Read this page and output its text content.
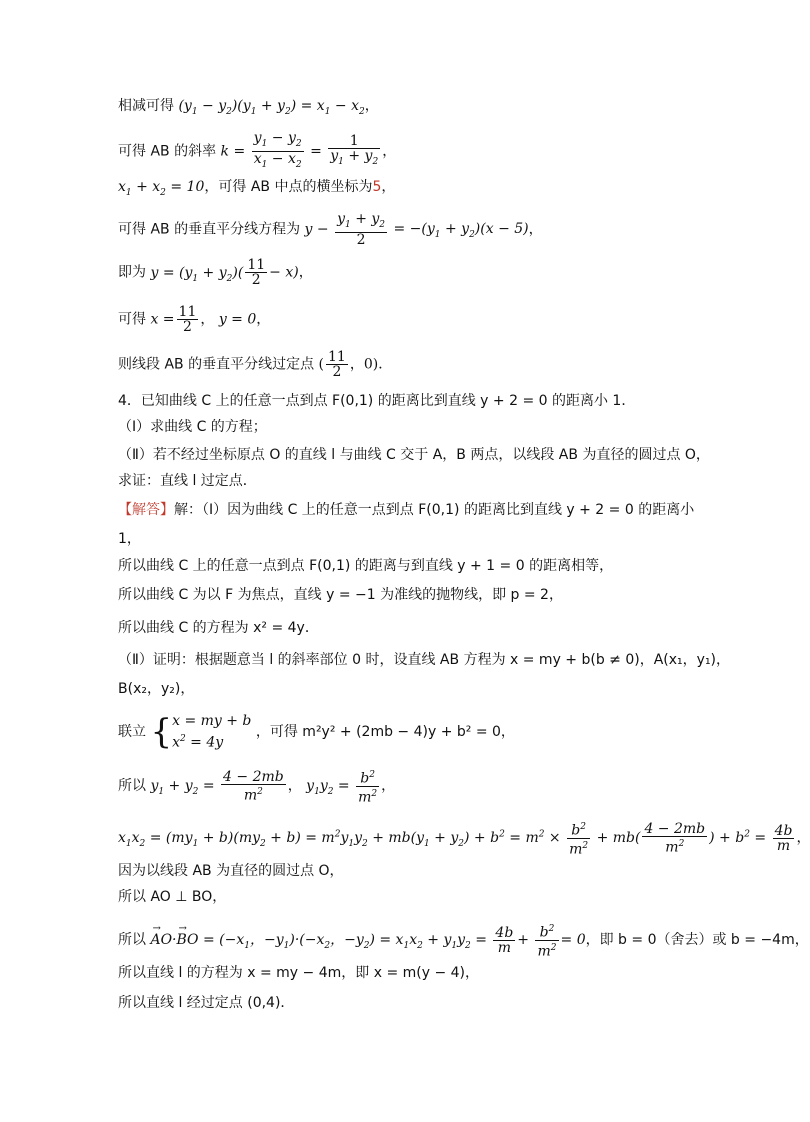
相减可得 $(y_1 - y_2)(y_1 + y_2) = x_1 - x_2$，
可得 AB 的斜率 $k = \frac{y_1 - y_2}{x_1 - x_2} = \frac{1}{y_1 + y_2}$ ，
$x_1 + x_2 = 10$，可得 AB 中点的横坐标为5，
可得 AB 的垂直平分线方程为 $y - \frac{y_1 + y_2}{2} = -(y_1 + y_2)(x - 5)$，
即为 $y = (y_1 + y_2)( \frac{11}{2} - x)$，
可得 $x = \frac{11}{2}$ ， y = 0，
则线段 AB 的垂直平分线过定点 ( $\frac{11}{2}$ ，0)．
4．已知曲线 C 上的任意一点到点 F(0,1) 的距离比到直线 y + 2 = 0 的距离小 1．
（Ⅰ）求曲线 C 的方程；
（Ⅱ）若不经过坐标原点 O 的直线 l 与曲线 C 交于 A，B 两点，以线段 AB 为直径的圆过点 O，
求证：直线 l 过定点．
【解答】解：（Ⅰ）因为曲线 C 上的任意一点到点 F(0,1) 的距离比到直线 y + 2 = 0 的距离小
1，
所以曲线 C 上的任意一点到点 F(0,1) 的距离与到直线 y + 1 = 0 的距离相等，
所以曲线 C 为以 F 为焦点，直线 y = −1 为准线的抛物线，即 p = 2，
所以曲线 C 的方程为 x² = 4y．
（Ⅱ）证明：根据题意当 l 的斜率部位 0 时，设直线 AB 方程为 x = my + b(b ≠ 0)，A(x₁，y₁)，
B(x₂，y₂)，
联立 {x = my + b
$x^2 = 4y$ ，可得 m²y² + (2mb − 4)y + b² = 0，
所以 $y_1 + y_2 = \frac{4 - 2mb}{m^2}$ ， $y_1y_2 = \frac{b^2}{m^2}$ ，
$x_1x_2 = (my_1 + b)(my_2 + b) = m^2y_1y_2 + mb(y_1 + y_2) + b^2 = m^2 \times \frac{b^2}{m^2} + mb( \frac{4 - 2mb}{m^2}$ ) + $b^2 = \frac{4b}{m}$ ，
因为以线段 AB 为直径的圆过点 O，
所以 AO ⊥ BO，
所以 → AO·→ BO = ($-x_1$，$-y_1)\cdot(-x_2$，$-y_2) = x_1x_2 + y_1y_2 = \frac{4b}{m} + \frac{b^2}{m^2} = 0$，即 b = 0（舍去）或 b = −4m，
所以直线 l 的方程为 x = my − 4m，即 x = m(y − 4)，
所以直线 l 经过定点 (0,4)．
